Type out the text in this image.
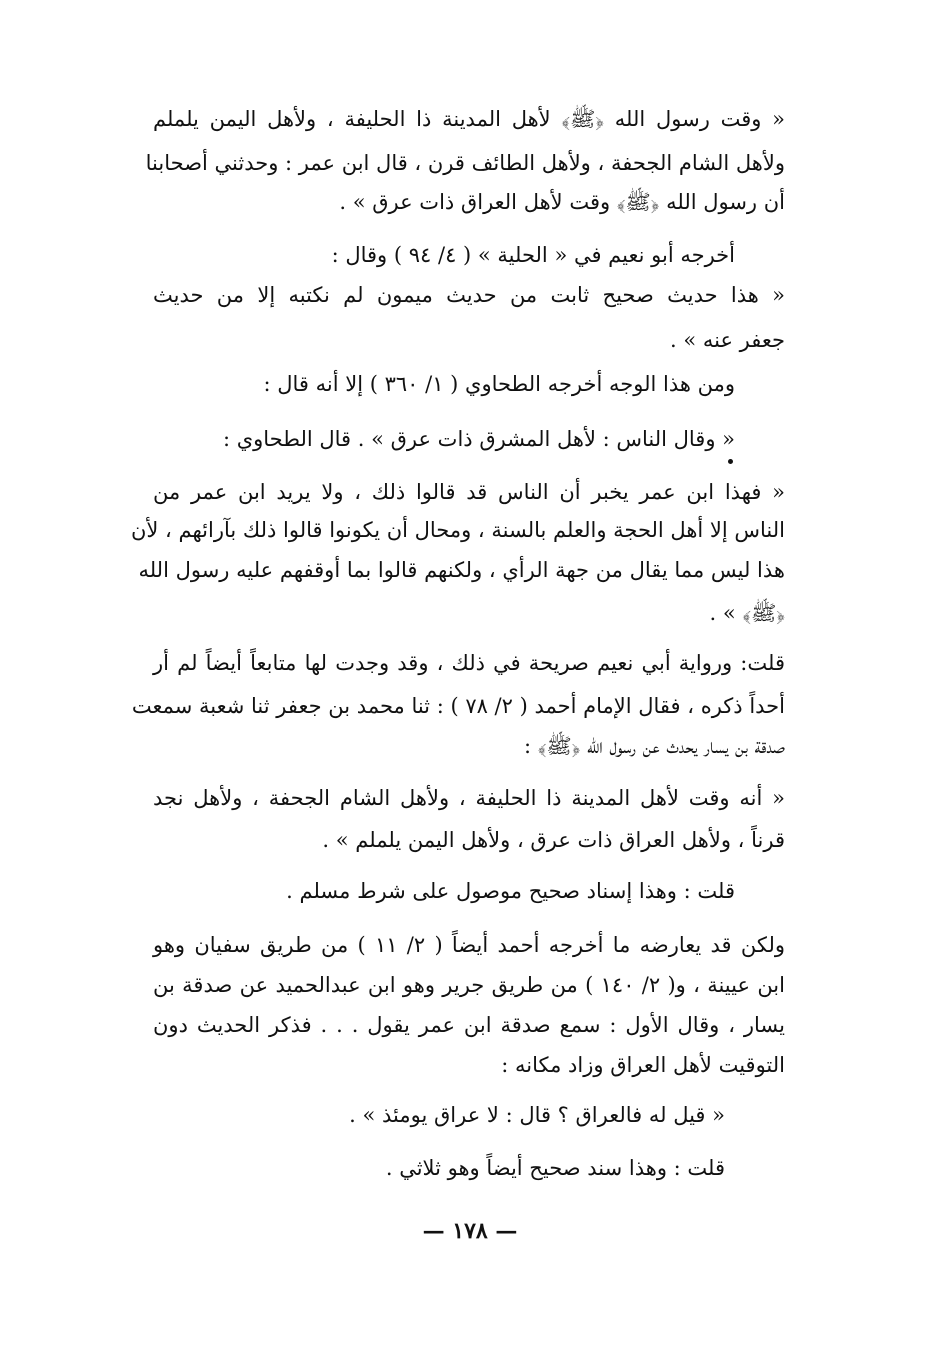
« وقت رسول الله ﴿ﷺ﴾ لأهل المدينة ذا الحليفة ، ولأهل اليمن يلملم
ولأهل الشام الجحفة ، ولأهل الطائف قرن ، قال ابن عمر : وحدثني أصحابنا
أن رسول الله ﴿ﷺ﴾ وقت لأهل العراق ذات عرق » .
أخرجه أبو نعيم في « الحلية » ( ٤/ ٩٤ ) وقال :
« هذا حديث صحيح ثابت من حديث ميمون لم نكتبه إلا من حديث
جعفر عنه » .
ومن هذا الوجه أخرجه الطحاوي ( ١/ ٣٦٠ ) إلا أنه قال :
« وقال الناس : لأهل المشرق ذات عرق » . قال الطحاوي :
« فهذا ابن عمر يخبر أن الناس قد قالوا ذلك ، ولا يريد ابن عمر من
الناس إلا أهل الحجة والعلم بالسنة ، ومحال أن يكونوا قالوا ذلك بآرائهم ، لأن
هذا ليس مما يقال من جهة الرأي ، ولكنهم قالوا بما أوقفهم عليه رسول الله
﴿ﷺ﴾ » .
قلت: ورواية أبي نعيم صريحة في ذلك ، وقد وجدت لها متابعاً أيضاً لم أر
أحداً ذكره ، فقال الإمام أحمد ( ٢/ ٧٨ ) : ثنا محمد بن جعفر ثنا شعبة سمعت
صدقة بن يسار يحدث عن رسول الله ﴿ﷺ﴾ :
« أنه وقت لأهل المدينة ذا الحليفة ، ولأهل الشام الجحفة ، ولأهل نجد
قرناً ، ولأهل العراق ذات عرق ، ولأهل اليمن يلملم » .
قلت : وهذا إسناد صحيح موصول على شرط مسلم .
ولكن قد يعارضه ما أخرجه أحمد أيضاً ( ٢/ ١١ ) من طريق سفيان وهو
ابن عيينة ، و( ٢/ ١٤٠ ) من طريق جرير وهو ابن عبدالحميد عن صدقة بن
يسار ، وقال الأول : سمع صدقة ابن عمر يقول . . . فذكر الحديث دون
التوقيت لأهل العراق وزاد مكانه :
« قيل له فالعراق ؟ قال : لا عراق يومئذ » .
قلت : وهذا سند صحيح أيضاً وهو ثلاثي .
— ١٧٨ —
